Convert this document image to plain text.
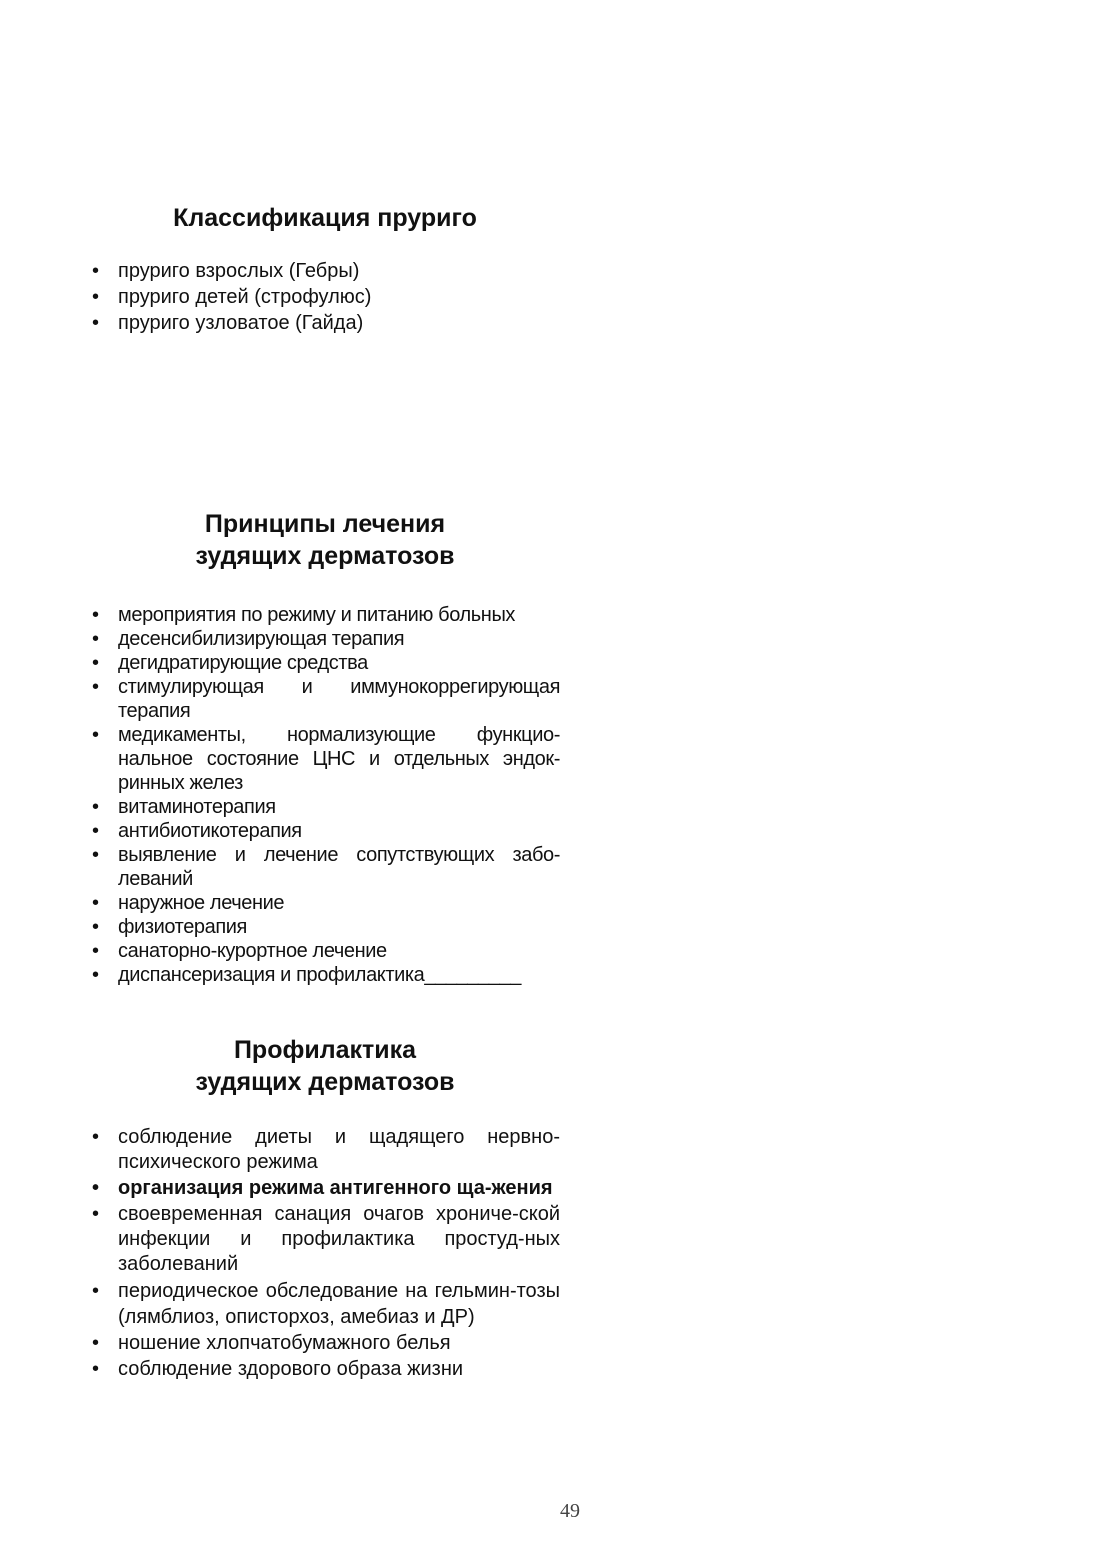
Классификация пруриго
• пруриго взрослых (Гебры)
• пруриго детей (строфулюс)
• пруриго узловатое (Гайда)
Принципы лечения
зудящих дерматозов
• мероприятия по режиму и питанию больных
• десенсибилизирующая терапия
• дегидратирующие средства
• стимулирующая и иммунокоррегирующая терапия
• медикаменты, нормализующие функцио-нальное состояние ЦНС и отдельных эндок-ринных желез
• витаминотерапия
• антибиотикотерапия
• выявление и лечение сопутствующих забо-леваний
• наружное лечение
• физиотерапия
• санаторно-курортное лечение
• диспансеризация и профилактика_________
Профилактика
зудящих дерматозов
• соблюдение диеты и щадящего нервно-психического режима
• организация режима антигенного ща-жения
• своевременная санация очагов хрониче-ской инфекции и профилактика простуд-ных заболеваний
• периодическое обследование на гельмин-тозы (лямблиоз, описторхоз, амебиаз и ДР)
• ношение хлопчатобумажного белья
• соблюдение здорового образа жизни
49
